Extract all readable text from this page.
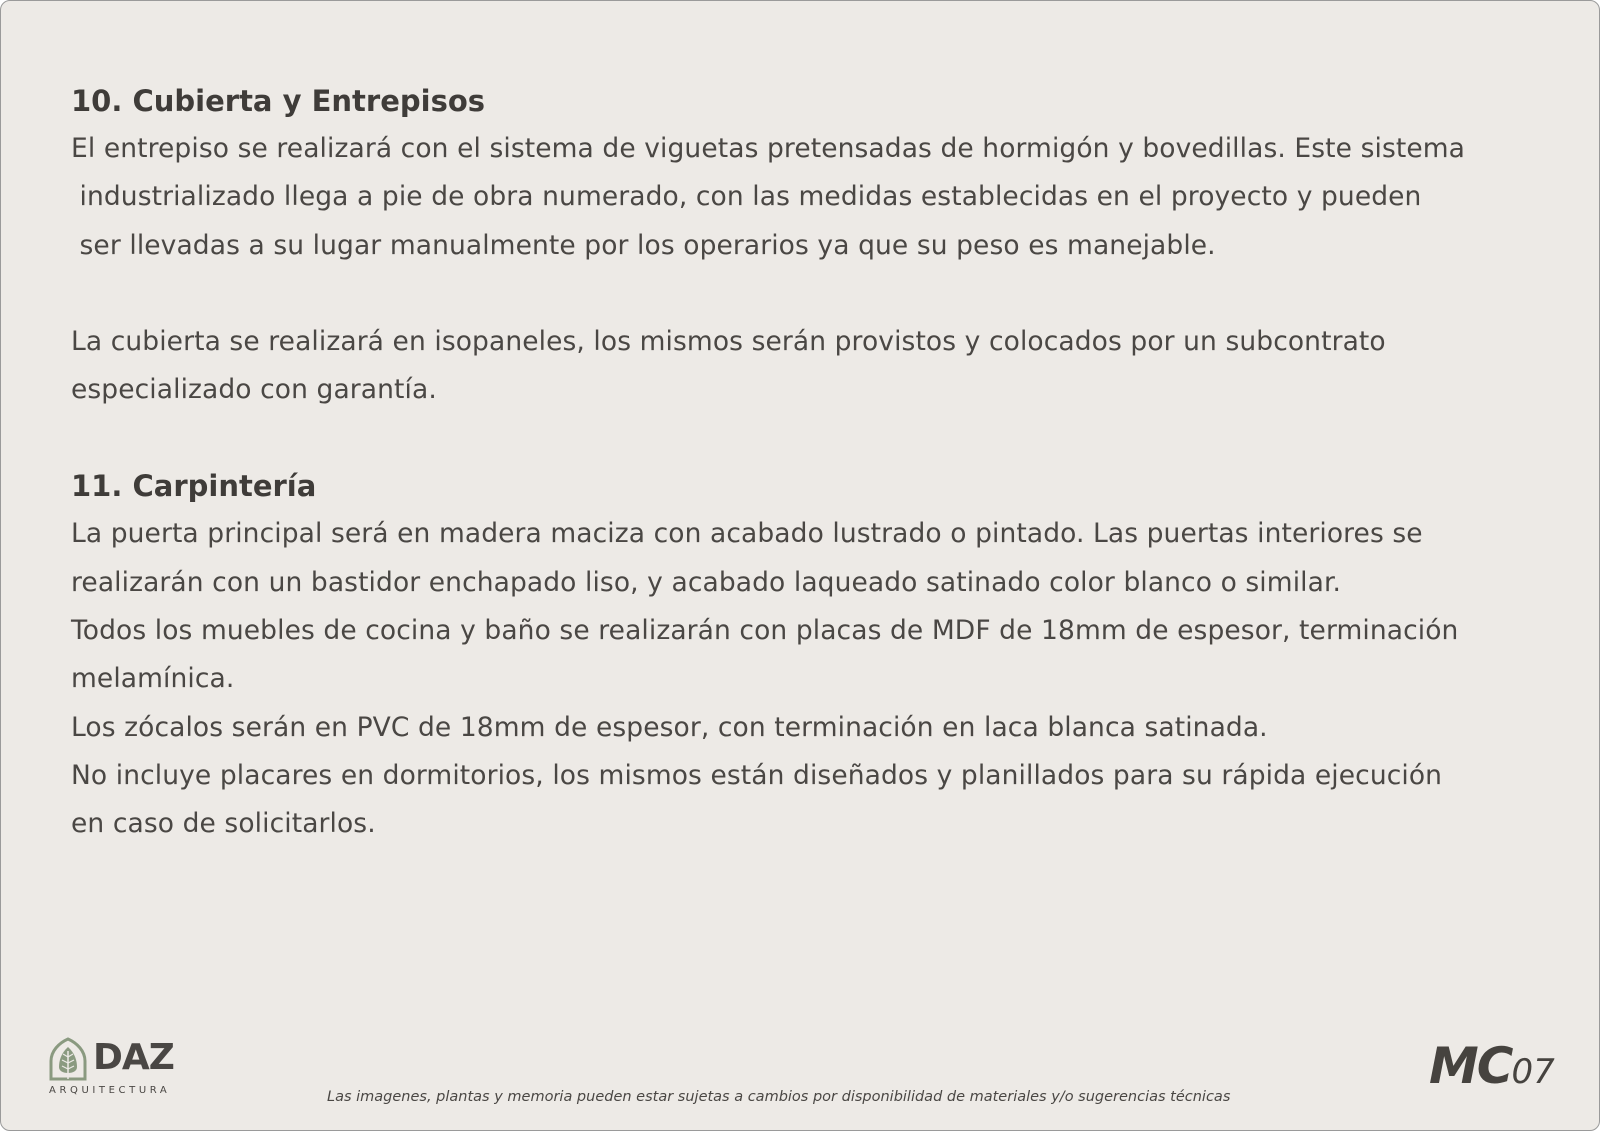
10. Cubierta y Entrepisos

El entrepiso se realizará con el sistema de viguetas pretensadas de hormigón y bovedillas. Este sistema

industrializado llega a pie de obra numerado, con las medidas establecidas en el proyecto y pueden

ser llevadas a su lugar manualmente por los operarios ya que su peso es manejable.

La cubierta se realizará en isopaneles, los mismos serán provistos y colocados por un subcontrato

especializado con garantía.

11. Carpintería

La puerta principal será en madera maciza con acabado lustrado o pintado. Las puertas interiores se

realizarán con un bastidor enchapado liso, y acabado laqueado satinado color blanco o similar.

Todos los muebles de cocina y baño se realizarán con placas de MDF de 18mm de espesor, terminación

melamínica.

Los zócalos serán en PVC de 18mm de espesor, con terminación en laca blanca satinada.

No incluye placares en dormitorios, los mismos están diseñados y planillados para su rápida ejecución

en caso de solicitarlos.

DAZ
ARQUITECTURA	Las imagenes, plantas y memoria pueden estar sujetas a cambios por disponibilidad de materiales y/o sugerencias técnicas
MC07
